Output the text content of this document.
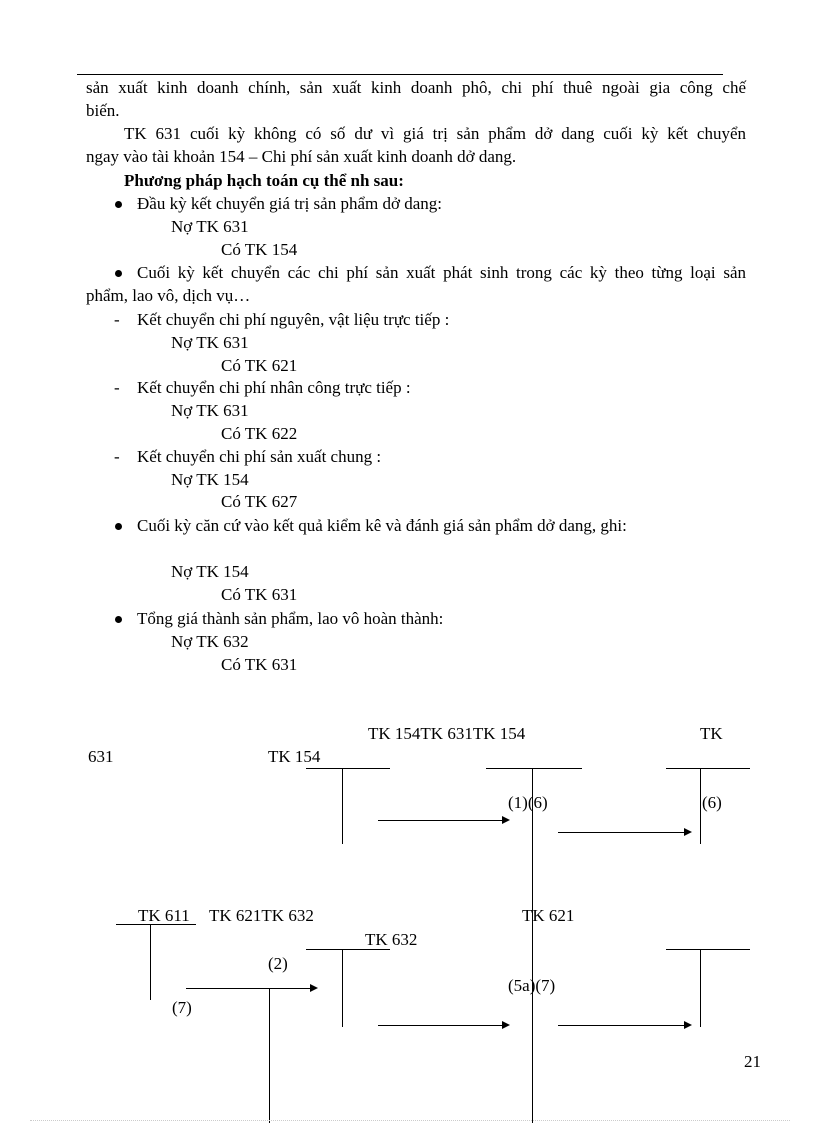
sản xuất kinh doanh chính, sản xuất kinh doanh phô, chi phí thuê ngoài gia công chế
biến.
TK 631 cuối kỳ không có số dư vì giá trị sản phẩm dở dang cuối kỳ kết chuyển
ngay vào tài khoản 154 – Chi phí sản xuất kinh doanh dở dang.
Phương pháp hạch toán cụ thể nh sau:
Đầu kỳ kết chuyển giá trị sản phẩm dở dang:
Nợ TK 631
Có TK 154
Cuối kỳ kết chuyển các chi phí sản xuất phát sinh trong các kỳ theo từng loại sản
phẩm, lao vô, dịch vụ…
- Kết chuyển chi phí nguyên, vật liệu trực tiếp :
Nợ TK 631
Có TK 621
- Kết chuyển chi phí nhân công trực tiếp :
Nợ TK 631
Có TK 622
- Kết chuyển chi phí sản xuất chung :
Nợ TK 154
Có TK 627
Cuối kỳ căn cứ vào kết quả kiểm kê và đánh giá sản phẩm dở dang, ghi:
Nợ TK 154
Có TK 631
Tổng giá thành sản phẩm, lao vô hoàn thành:
Nợ TK 632
Có TK 631
TK 154TK 631TK 154	TK
631	TK 154
(1)(6)	(6)
TK 611 TK 621TK 632	TK 621
TK 632
(2)
(5a)(7)
(7)
21
